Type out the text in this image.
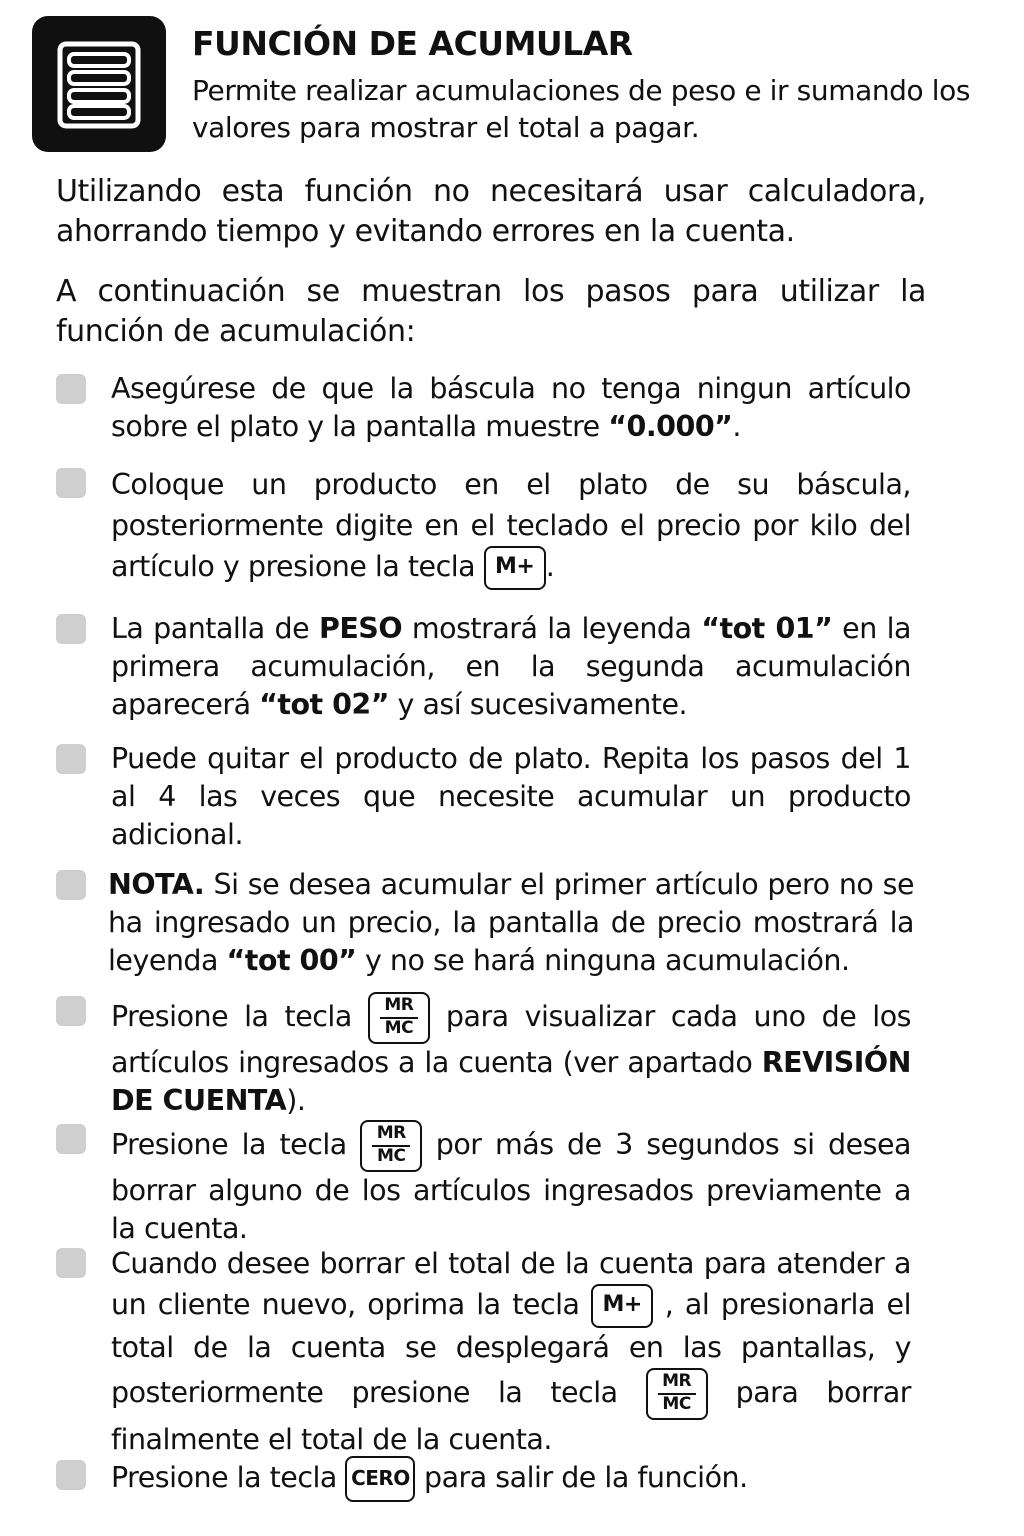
FUNCIÓN DE ACUMULAR
Permite realizar acumulaciones de peso e ir sumando los valores para mostrar el total a pagar.
Utilizando esta función no necesitará usar calculadora, ahorrando tiempo y evitando errores en la cuenta.
A continuación se muestran los pasos para utilizar la función de acumulación:
Asegúrese de que la báscula no tenga ningun artículo sobre el plato y la pantalla muestre “0.000”.
Coloque un producto en el plato de su báscula, posteriormente digite en el teclado el precio por kilo del artículo y presione la tecla M+ .
La pantalla de PESO mostrará la leyenda “tot 01” en la primera acumulación, en la segunda acumulación aparecerá “tot 02” y así sucesivamente.
Puede quitar el producto de plato. Repita los pasos del 1 al 4 las veces que necesite acumular un producto adicional.
NOTA. Si se desea acumular el primer artículo pero no se ha ingresado un precio, la pantalla de precio mostrará la leyenda “tot 00” y no se hará ninguna acumulación.
Presione la tecla $\frac{MR}{MC}$ para visualizar cada uno de los artículos ingresados a la cuenta (ver apartado REVISIÓN DE CUENTA).
Presione la tecla $\frac{MR}{MC}$ por más de 3 segundos si desea borrar alguno de los artículos ingresados previamente a la cuenta.
Cuando desee borrar el total de la cuenta para atender a un cliente nuevo, oprima la tecla M+ , al presionarla el total de la cuenta se desplegará en las pantallas, y posteriormente presione la tecla $\frac{MR}{MC}$ para borrar finalmente el total de la cuenta.
Presione la tecla CERO para salir de la función.
